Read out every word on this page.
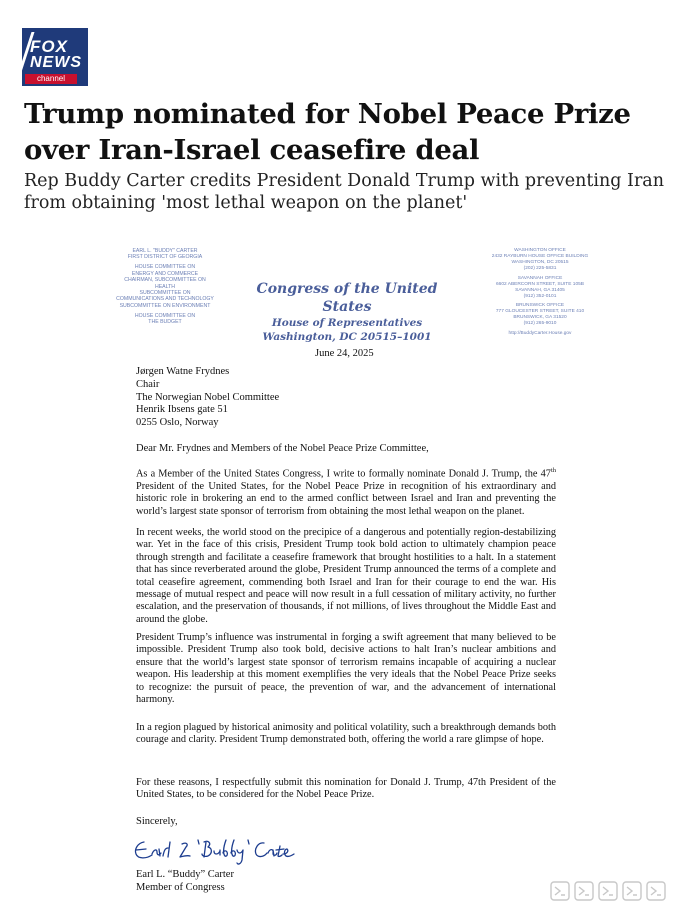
FOX
NEWS
channel
Trump nominated for Nobel Peace Prize over Iran-Israel ceasefire deal

Rep Buddy Carter credits President Donald Trump with preventing Iran from obtaining 'most lethal weapon on the planet'

EARL L. "BUDDY" CARTER
FIRST DISTRICT OF GEORGIA
HOUSE COMMITTEE ON
ENERGY AND COMMERCE
CHAIRMAN, SUBCOMMITTEE ON
HEALTH
SUBCOMMITTEE ON
COMMUNICATIONS AND TECHNOLOGY
SUBCOMMITTEE ON ENVIRONMENT
HOUSE COMMITTEE ON
THE BUDGET
Congress of the United States
House of Representatives
Washington, DC 20515–1001
WASHINGTON OFFICE
2432 RAYBURN HOUSE OFFICE BUILDING
WASHINGTON, DC 20515
(202) 225-5831
SAVANNAH OFFICE
6602 ABERCORN STREET, SUITE 105B
SAVANNAH, GA 31405
(912) 352-0101
BRUNSWICK OFFICE
777 GLOUCESTER STREET, SUITE 410
BRUNSWICK, GA 31520
(912) 265-9010
http://BuddyCarter.House.gov
June 24, 2025
Jørgen Watne Frydnes
Chair
The Norwegian Nobel Committee
Henrik Ibsens gate 51
0255 Oslo, Norway
Dear Mr. Frydnes and Members of the Nobel Peace Prize Committee,

As a Member of the United States Congress, I write to formally nominate Donald J. Trump, the 47th President of the United States, for the Nobel Peace Prize in recognition of his extraordinary and historic role in brokering an end to the armed conflict between Israel and Iran and preventing the world’s largest state sponsor of terrorism from obtaining the most lethal weapon on the planet.

In recent weeks, the world stood on the precipice of a dangerous and potentially region-destabilizing war. Yet in the face of this crisis, President Trump took bold action to ultimately champion peace through strength and facilitate a ceasefire framework that brought hostilities to a halt. In a statement that has since reverberated around the globe, President Trump announced the terms of a complete and total ceasefire agreement, commending both Israel and Iran for their courage to end the war. His message of mutual respect and peace will now result in a full cessation of military activity, no further escalation, and the preservation of thousands, if not millions, of lives throughout the Middle East and around the globe.

President Trump’s influence was instrumental in forging a swift agreement that many believed to be impossible. President Trump also took bold, decisive actions to halt Iran’s nuclear ambitions and ensure that the world’s largest state sponsor of terrorism remains incapable of acquiring a nuclear weapon. His leadership at this moment exemplifies the very ideals that the Nobel Peace Prize seeks to recognize: the pursuit of peace, the prevention of war, and the advancement of international harmony.

In a region plagued by historical animosity and political volatility, such a breakthrough demands both courage and clarity. President Trump demonstrated both, offering the world a rare glimpse of hope.

For these reasons, I respectfully submit this nomination for Donald J. Trump, 47th President of the United States, to be considered for the Nobel Peace Prize.

Sincerely,
Earl L. “Buddy” Carter
Member of Congress
